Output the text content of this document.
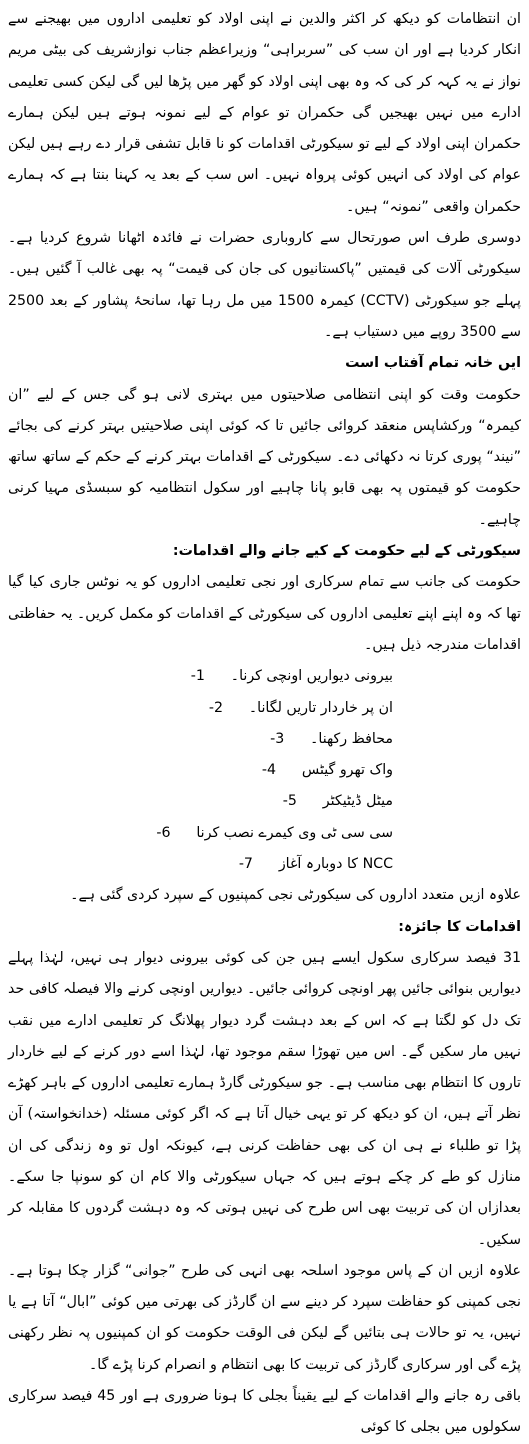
ان انتظامات کو دیکھ کر اکثر والدین نے اپنی اولاد کو تعلیمی اداروں میں بھیجنے سے انکار کردیا ہے اور ان سب کی ”سربراہی“ وزیراعظم جناب نوازشریف کی بیٹی مریم نواز نے یہ کہہ کر کی کہ وہ بھی اپنی اولاد کو گھر میں پڑھا لیں گی لیکن کسی تعلیمی ادارے میں نہیں بھیجیں گی حکمران تو عوام کے لیے نمونہ ہوتے ہیں لیکن ہمارے حکمران اپنی اولاد کے لیے تو سیکورٹی اقدامات کو نا قابل تشفی قرار دے رہے ہیں لیکن عوام کی اولاد کی انہیں کوئی پرواہ نہیں۔ اس سب کے بعد یہ کہنا بنتا ہے کہ ہمارے حکمران واقعی ”نمونہ“ ہیں۔

دوسری طرف اس صورتحال سے کاروباری حضرات نے فائدہ اٹھانا شروع کردیا ہے۔ سیکورٹی آلات کی قیمتیں ”پاکستانیوں کی جان کی قیمت“ پہ بھی غالب آ گئیں ہیں۔ پہلے جو سیکورٹی (CCTV) کیمرہ 1500 میں مل رہا تھا، سانحۂ پشاور کے بعد 2500 سے 3500 روپے میں دستیاب ہے۔

ایں خانہ تمام آفتاب است

حکومت وقت کو اپنی انتظامی صلاحیتوں میں بہتری لانی ہو گی جس کے لیے ”ان کیمرہ“ ورکشاپس منعقد کروائی جائیں تا کہ کوئی اپنی صلاحیتیں بہتر کرنے کی بجائے ”نیند“ پوری کرتا نہ دکھائی دے۔ سیکورٹی کے اقدامات بہتر کرنے کے حکم کے ساتھ ساتھ حکومت کو قیمتوں پہ بھی قابو پانا چاہیے اور سکول انتظامیہ کو سبسڈی مہیا کرنی چاہیے۔

سیکورٹی کے لیے حکومت کے کیے جانے والے اقدامات:

حکومت کی جانب سے تمام سرکاری اور نجی تعلیمی اداروں کو یہ نوٹس جاری کیا گیا تھا کہ وہ اپنے اپنے تعلیمی اداروں کی سیکورٹی کے اقدامات کو مکمل کریں۔ یہ حفاظتی اقدامات مندرجہ ذیل ہیں۔

-1	بیرونی دیواریں اونچی کرنا۔
-2	ان پر خاردار تاریں لگانا۔
-3	محافظ رکھنا۔
-4	واک تھرو گیٹس
-5	میٹل ڈیٹیکٹر
-6	سی سی ٹی وی کیمرے نصب کرنا
-7	NCC کا دوبارہ آغاز

علاوہ ازیں متعدد اداروں کی سیکورٹی نجی کمپنیوں کے سپرد کردی گئی ہے۔

اقدامات کا جائزہ:

31 فیصد سرکاری سکول ایسے ہیں جن کی کوئی بیرونی دیوار ہی نہیں، لہٰذا پہلے دیواریں بنوائی جائیں پھر اونچی کروائی جائیں۔ دیواریں اونچی کرنے والا فیصلہ کافی حد تک دل کو لگتا ہے کہ اس کے بعد دہشت گرد دیوار پھلانگ کر تعلیمی ادارے میں نقب نہیں مار سکیں گے۔ اس میں تھوڑا سقم موجود تھا، لہٰذا اسے دور کرنے کے لیے خاردار تاروں کا انتظام بھی مناسب ہے۔ جو سیکورٹی گارڈ ہمارے تعلیمی اداروں کے باہر کھڑے نظر آتے ہیں، ان کو دیکھ کر تو یہی خیال آتا ہے کہ اگر کوئی مسئلہ (خدانخواستہ) آن پڑا تو طلباء نے ہی ان کی بھی حفاظت کرنی ہے، کیونکہ اول تو وہ زندگی کی ان منازل کو طے کر چکے ہوتے ہیں کہ جہاں سیکورٹی والا کام ان کو سونپا جا سکے۔ بعدازاں ان کی تربیت بھی اس طرح کی نہیں ہوتی کہ وہ دہشت گردوں کا مقابلہ کر سکیں۔

علاوہ ازیں ان کے پاس موجود اسلحہ بھی انہی کی طرح ”جوانی“ گزار چکا ہوتا ہے۔ نجی کمپنی کو حفاظت سپرد کر دینے سے ان گارڈز کی بھرتی میں کوئی ”ابال“ آتا ہے یا نہیں، یہ تو حالات ہی بتائیں گے لیکن فی الوقت حکومت کو ان کمپنیوں پہ نظر رکھنی پڑے گی اور سرکاری گارڈز کی تربیت کا بھی انتظام و انصرام کرنا پڑے گا۔

باقی رہ جانے والے اقدامات کے لیے یقیناً بجلی کا ہونا ضروری ہے اور 45 فیصد سرکاری سکولوں میں بجلی کا کوئی
